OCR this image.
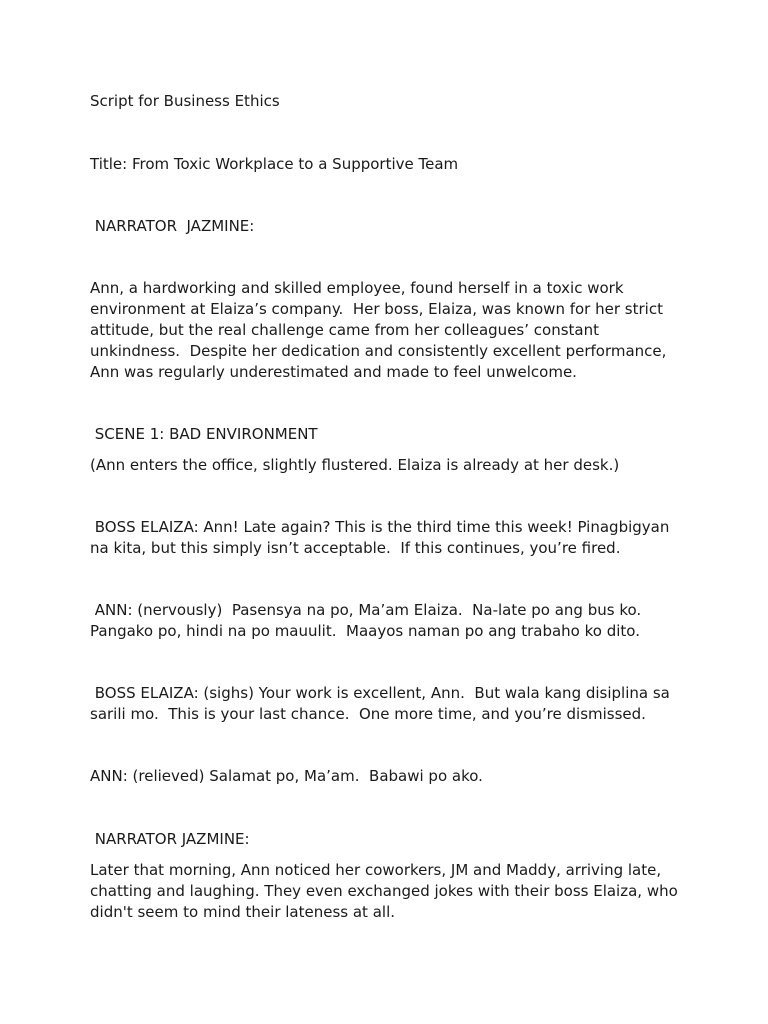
Script for Business Ethics

Title: From Toxic Workplace to a Supportive Team

NARRATOR  JAZMINE:

Ann, a hardworking and skilled employee, found herself in a toxic work environment at Elaiza’s company.  Her boss, Elaiza, was known for her strict attitude, but the real challenge came from her colleagues’ constant unkindness.  Despite her dedication and consistently excellent performance, Ann was regularly underestimated and made to feel unwelcome.

SCENE 1: BAD ENVIRONMENT

(Ann enters the office, slightly flustered. Elaiza is already at her desk.)

BOSS ELAIZA: Ann! Late again? This is the third time this week! Pinagbigyan na kita, but this simply isn’t acceptable.  If this continues, you’re fired.

ANN: (nervously)  Pasensya na po, Ma’am Elaiza.  Na-late po ang bus ko. Pangako po, hindi na po mauulit.  Maayos naman po ang trabaho ko dito.

BOSS ELAIZA: (sighs) Your work is excellent, Ann.  But wala kang disiplina sa sarili mo.  This is your last chance.  One more time, and you’re dismissed.

ANN: (relieved) Salamat po, Ma’am.  Babawi po ako.

NARRATOR JAZMINE:

Later that morning, Ann noticed her coworkers, JM and Maddy, arriving late, chatting and laughing. They even exchanged jokes with their boss Elaiza, who didn't seem to mind their lateness at all.
